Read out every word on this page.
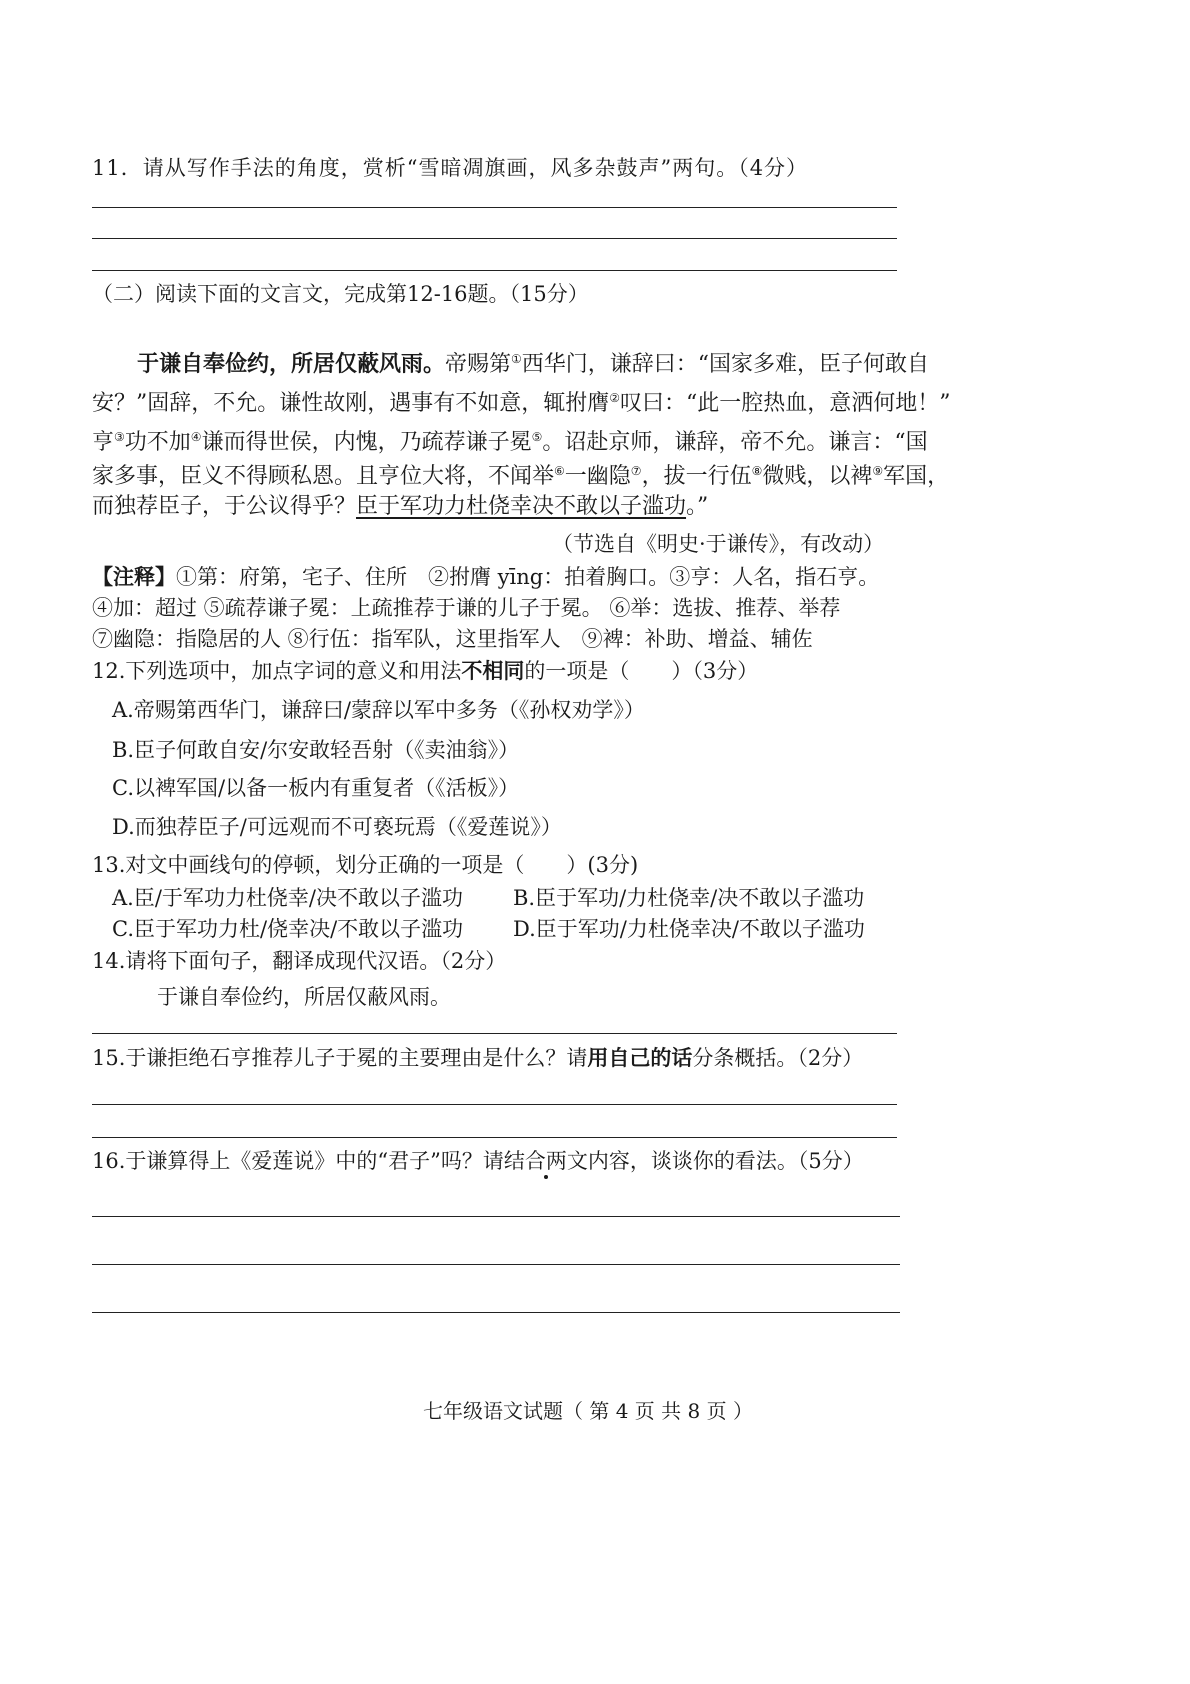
11．请从写作手法的角度，赏析“雪暗凋旗画，风多杂鼓声”两句。（4分）
（二）阅读下面的文言文，完成第12-16题。（15分）
于谦自奉俭约，所居仅蔽风雨。帝赐第①西华门，谦辞曰：“国家多难，臣子何敢自
安？”固辞，不允。谦性故刚，遇事有不如意，辄拊膺②叹曰：“此一腔热血，意洒何地！”
亨③功不加④谦而得世侯，内愧，乃疏荐谦子冕⑤。诏赴京师，谦辞，帝不允。谦言：“国
家多事，臣义不得顾私恩。且亨位大将，不闻举⑥一幽隐⑦，拔一行伍⑧微贱，以裨⑨军国，
而独荐臣子，于公议得乎？臣于军功力杜侥幸决不敢以子滥功。”
（节选自《明史·于谦传》，有改动）
【注释】①第：府第，宅子、住所　②拊膺 yīng：拍着胸口。③亨：人名，指石亨。
④加：超过 ⑤疏荐谦子冕：上疏推荐于谦的儿子于冕。 ⑥举：选拔、推荐、举荐
⑦幽隐：指隐居的人 ⑧行伍：指军队，这里指军人　⑨裨：补助、增益、辅佐
12.下列选项中，加点字词的意义和用法不相同的一项是（　　）（3分）
A.帝赐第西华门，谦辞曰/蒙辞以军中多务（《孙权劝学》）
B.臣子何敢自安/尔安敢轻吾射（《卖油翁》）
C.以裨军国/以备一板内有重复者（《活板》）
D.而独荐臣子/可远观而不可亵玩焉（《爱莲说》）
13.对文中画线句的停顿，划分正确的一项是（　　）(3分)
A.臣/于军功力杜侥幸/决不敢以子滥功 B.臣于军功/力杜侥幸/决不敢以子滥功
C.臣于军功力杜/侥幸决/不敢以子滥功 D.臣于军功/力杜侥幸决/不敢以子滥功
14.请将下面句子，翻译成现代汉语。（2分）
于谦自奉俭约，所居仅蔽风雨。
15.于谦拒绝石亨推荐儿子于冕的主要理由是什么？请用自己的话分条概括。（2分）
16.于谦算得上《爱莲说》中的“君子”吗？请结合两文内容，谈谈你的看法。（5分）
七年级语文试题（ 第 4 页 共 8 页 ）
